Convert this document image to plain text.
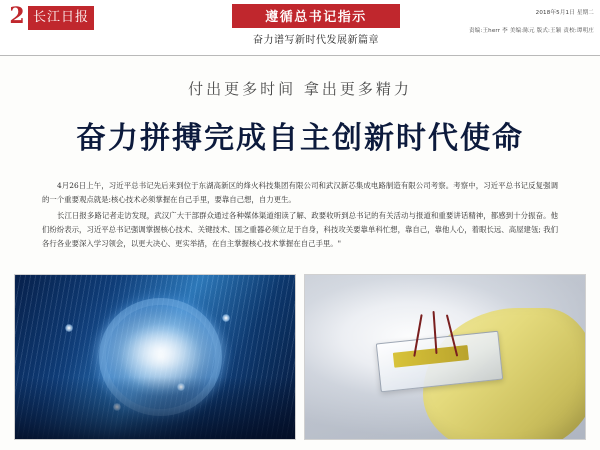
2 长江日报	遵循总书记指示
奋力谱写新时代发展新篇章
2018年5月1日 星期二
责编:王herr 李 美编:陈元 版式:王颖 责校:谭明庄
付出更多时间 拿出更多精力
奋力拼搏完成自主创新时代使命

4月26日上午，习近平总书记先后来到位于东湖高新区的烽火科技集团有限公司和武汉新芯集成电路制造有限公司考察。考察中，习近平总书记反复强调的一个重要观点就是:核心技术必须掌握在自己手里，要靠自己想，自力更生。

长江日报多路记者走访发现，武汉广大干部群众通过各种媒体渠道细读了解、政要收听到总书记的有关活动与报道和重要讲话精神，都感到十分振奋。他们纷纷表示，习近平总书记强调掌握核心技术、关键技术、国之重器必须立足于自身，科技攻关要靠单科忙想，靠自己，靠他人心，着眼长远、高屋建瓴; 我们各行各业要深入学习领会，以更大决心、更实举措，在自主掌握核心技术掌握在自己手里。"
